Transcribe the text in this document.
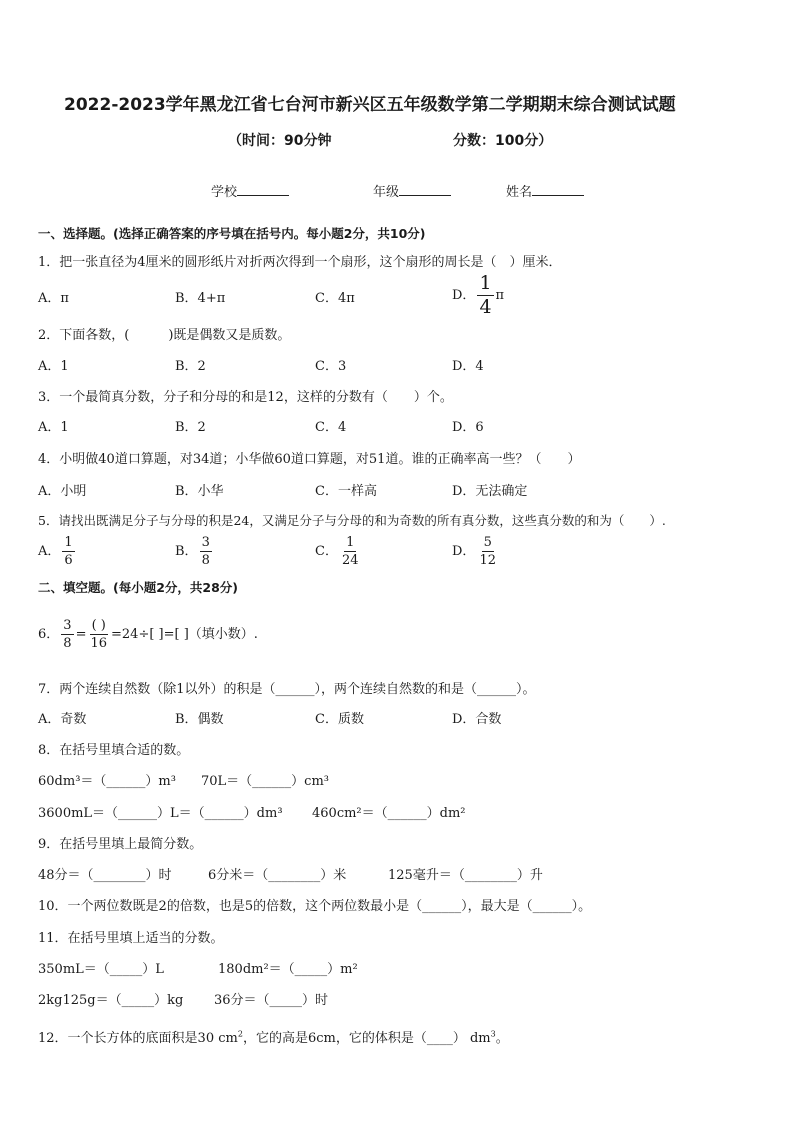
2022-2023学年黑龙江省七台河市新兴区五年级数学第二学期期末综合测试试题
（时间：90分钟	分数：100分）
学校	年级	姓名
一、选择题。(选择正确答案的序号填在括号内。每小题2分，共10分)
1．把一张直径为4厘米的圆形纸片对折两次得到一个扇形，这个扇形的周长是（　）厘米．
A．π	B．4+π	C．4π	D． $\frac{1}{4}$ π
2．下面各数，(　　　)既是偶数又是质数。
A．1	B．2	C．3	D．4
3．一个最简真分数，分子和分母的和是12，这样的分数有（　　）个。
A．1	B．2	C．4	D．6
4．小明做40道口算题，对34道；小华做60道口算题，对51道。谁的正确率高一些？（　　）
A．小明	B．小华	C．一样高	D．无法确定
5．请找出既满足分子与分母的积是24，又满足分子与分母的和为奇数的所有真分数，这些真分数的和为（　　）.
A． $\frac{1}{6}$	B． $\frac{3}{8}$	C． $\frac{1}{24}$	D． $\frac{5}{12}$
二、填空题。(每小题2分，共28分)
6． $\frac{3}{8} = \frac{( )}{16} =24\div$[ ]=[ ]（填小数）.
7．两个连续自然数（除1以外）的积是（______），两个连续自然数的和是（______）。
A．奇数	B．偶数	C．质数	D．合数
8．在括号里填合适的数。
60dm³＝（______）m³ 70L＝（______）cm³
3600mL＝（______）L＝（______）dm³ 460cm²＝（______）dm²
9．在括号里填上最简分数。
48分＝（________）时	6分米＝（________）米	125毫升＝（________）升
10．一个两位数既是2的倍数，也是5的倍数，这个两位数最小是（______），最大是（______）。
11．在括号里填上适当的分数。
350mL＝（_____）L	180dm²＝（_____）m²
2kg125g＝（_____）kg 36分＝（_____）时
12．一个长方体的底面积是30 $cm^2$，它的高是6cm，它的体积是（____） $dm^3$。
